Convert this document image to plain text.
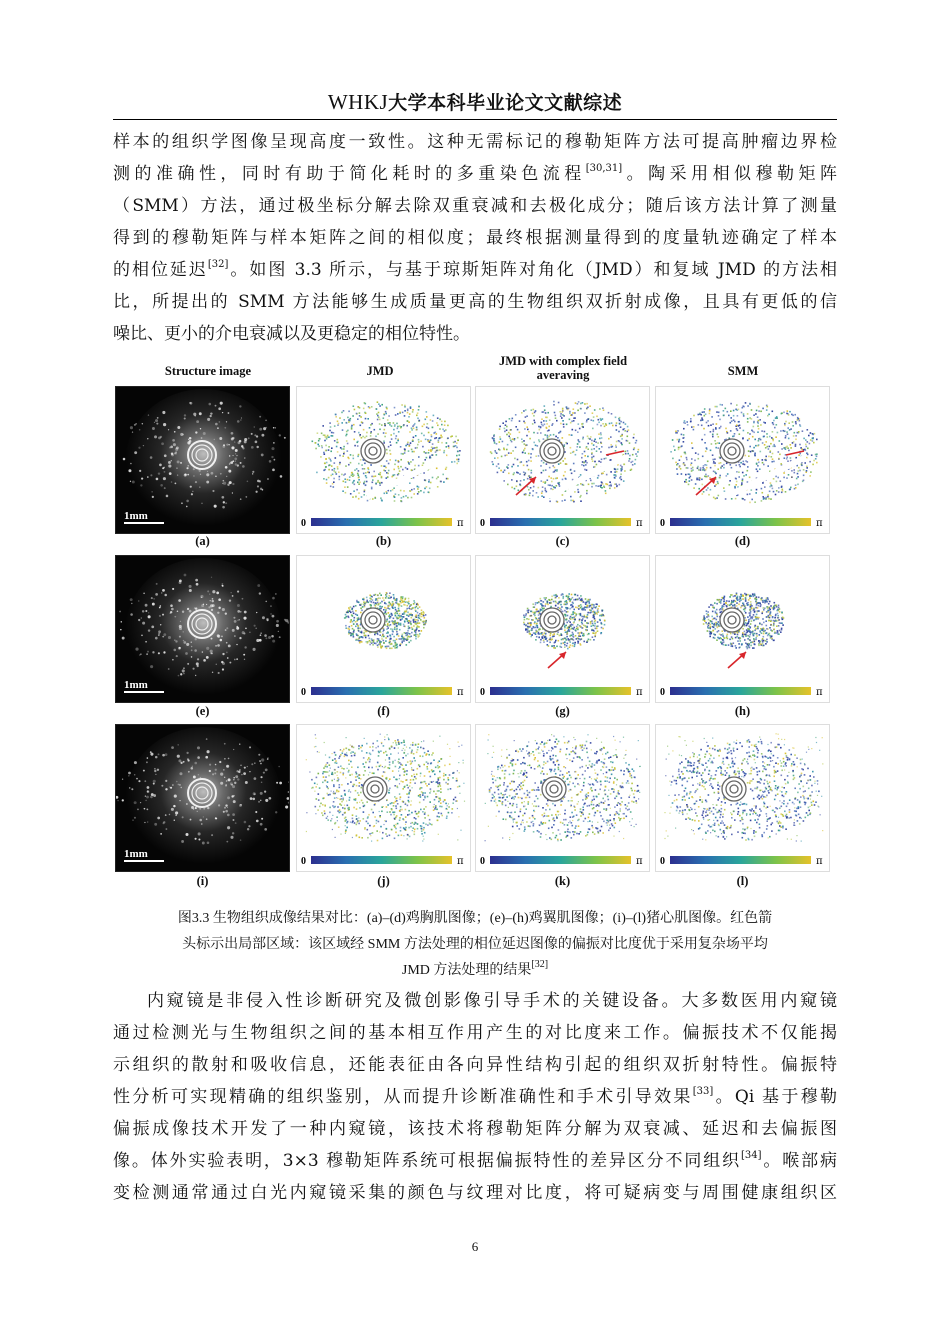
WHKJ大学本科毕业论文文献综述
样本的组织学图像呈现高度一致性。这种无需标记的穆勒矩阵方法可提高肿瘤边界检
测的准确性，同时有助于简化耗时的多重染色流程[30,31]。陶采用相似穆勒矩阵
（SMM）方法，通过极坐标分解去除双重衰减和去极化成分；随后该方法计算了测量
得到的穆勒矩阵与样本矩阵之间的相似度；最终根据测量得到的度量轨迹确定了样本
的相位延迟[32]。如图 3.3 所示，与基于琼斯矩阵对角化（JMD）和复域 JMD 的方法相
比，所提出的 SMM 方法能够生成质量更高的生物组织双折射成像，且具有更低的信
噪比、更小的介电衰减以及更稳定的相位特性。
Structure image	JMD
JMD with complex field averaving	SMM
1mm
(a)
0	π
(b)
0	π
(c)
0	π
(d)
1mm
(e)
0	π
(f)
0	π
(g)
0	π
(h)
1mm
(i)
0	π
(j)
0	π
(k)
0	π
(l)
图3.3 生物组织成像结果对比：(a)–(d)鸡胸肌图像；(e)–(h)鸡翼肌图像；(i)–(l)猪心肌图像。红色箭
头标示出局部区域：该区域经 SMM 方法处理的相位延迟图像的偏振对比度优于采用复杂场平均
JMD 方法处理的结果[32]
内窥镜是非侵入性诊断研究及微创影像引导手术的关键设备。大多数医用内窥镜
通过检测光与生物组织之间的基本相互作用产生的对比度来工作。偏振技术不仅能揭
示组织的散射和吸收信息，还能表征由各向异性结构引起的组织双折射特性。偏振特
性分析可实现精确的组织鉴别，从而提升诊断准确性和手术引导效果[33]。Qi 基于穆勒
偏振成像技术开发了一种内窥镜，该技术将穆勒矩阵分解为双衰减、延迟和去偏振图
像。体外实验表明，3×3 穆勒矩阵系统可根据偏振特性的差异区分不同组织[34]。喉部病
变检测通常通过白光内窥镜采集的颜色与纹理对比度，将可疑病变与周围健康组织区
6
